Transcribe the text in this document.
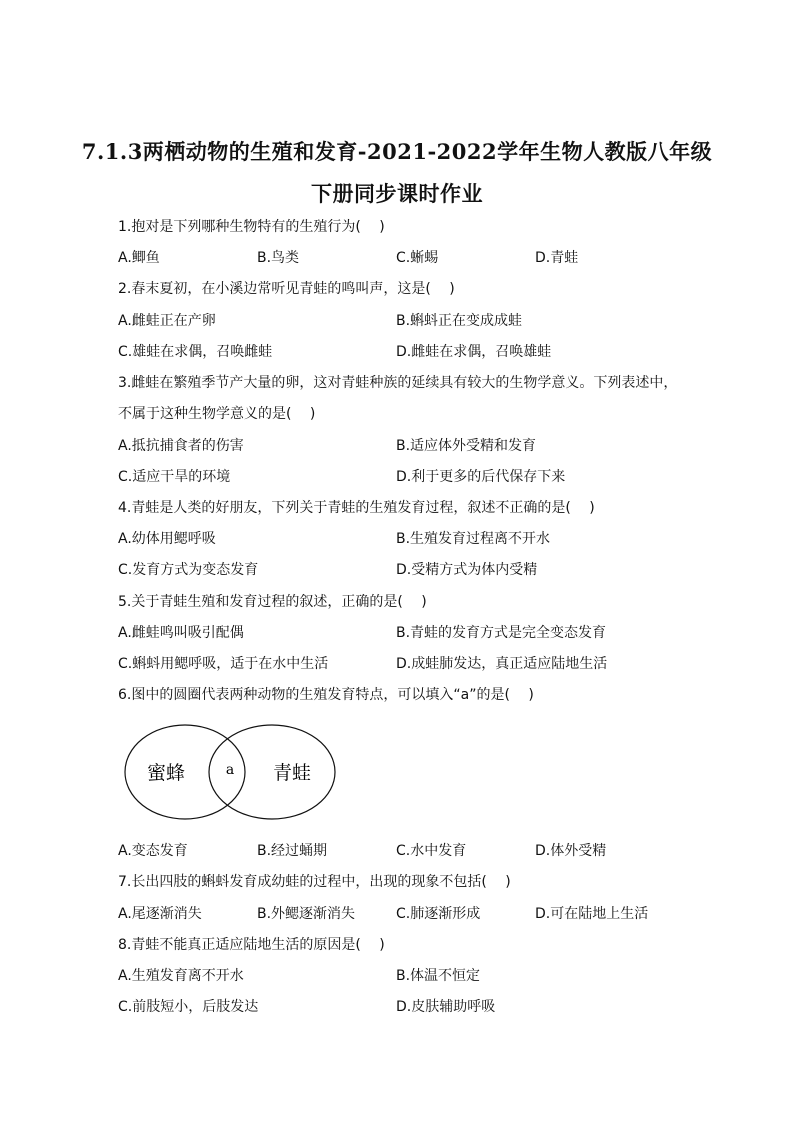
7.1.3两栖动物的生殖和发育-2021-2022学年生物人教版八年级
下册同步课时作业
1.抱对是下列哪种生物特有的生殖行为(　 )
A.鲫鱼	B.鸟类	C.蜥蜴	D.青蛙
2.春末夏初，在小溪边常听见青蛙的鸣叫声，这是(　 )
A.雌蛙正在产卵	B.蝌蚪正在变成成蛙
C.雄蛙在求偶，召唤雌蛙	D.雌蛙在求偶，召唤雄蛙
3.雌蛙在繁殖季节产大量的卵，这对青蛙种族的延续具有较大的生物学意义。下列表述中，
不属于这种生物学意义的是(　 )
A.抵抗捕食者的伤害	B.适应体外受精和发育
C.适应干旱的环境	D.利于更多的后代保存下来
4.青蛙是人类的好朋友，下列关于青蛙的生殖发育过程，叙述不正确的是(　 )
A.幼体用鳃呼吸	B.生殖发育过程离不开水
C.发育方式为变态发育	D.受精方式为体内受精
5.关于青蛙生殖和发育过程的叙述，正确的是(　 )
A.雌蛙鸣叫吸引配偶	B.青蛙的发育方式是完全变态发育
C.蝌蚪用鳃呼吸，适于在水中生活	D.成蛙肺发达，真正适应陆地生活
6.图中的圆圈代表两种动物的生殖发育特点，可以填入“a”的是(　 )
蜜蜂	a 青蛙
A.变态发育	B.经过蛹期	C.水中发育	D.体外受精
7.长出四肢的蝌蚪发育成幼蛙的过程中，出现的现象不包括(　 )
A.尾逐渐消失	B.外鳃逐渐消失	C.肺逐渐形成	D.可在陆地上生活
8.青蛙不能真正适应陆地生活的原因是(　 )
A.生殖发育离不开水	B.体温不恒定
C.前肢短小，后肢发达	D.皮肤辅助呼吸
